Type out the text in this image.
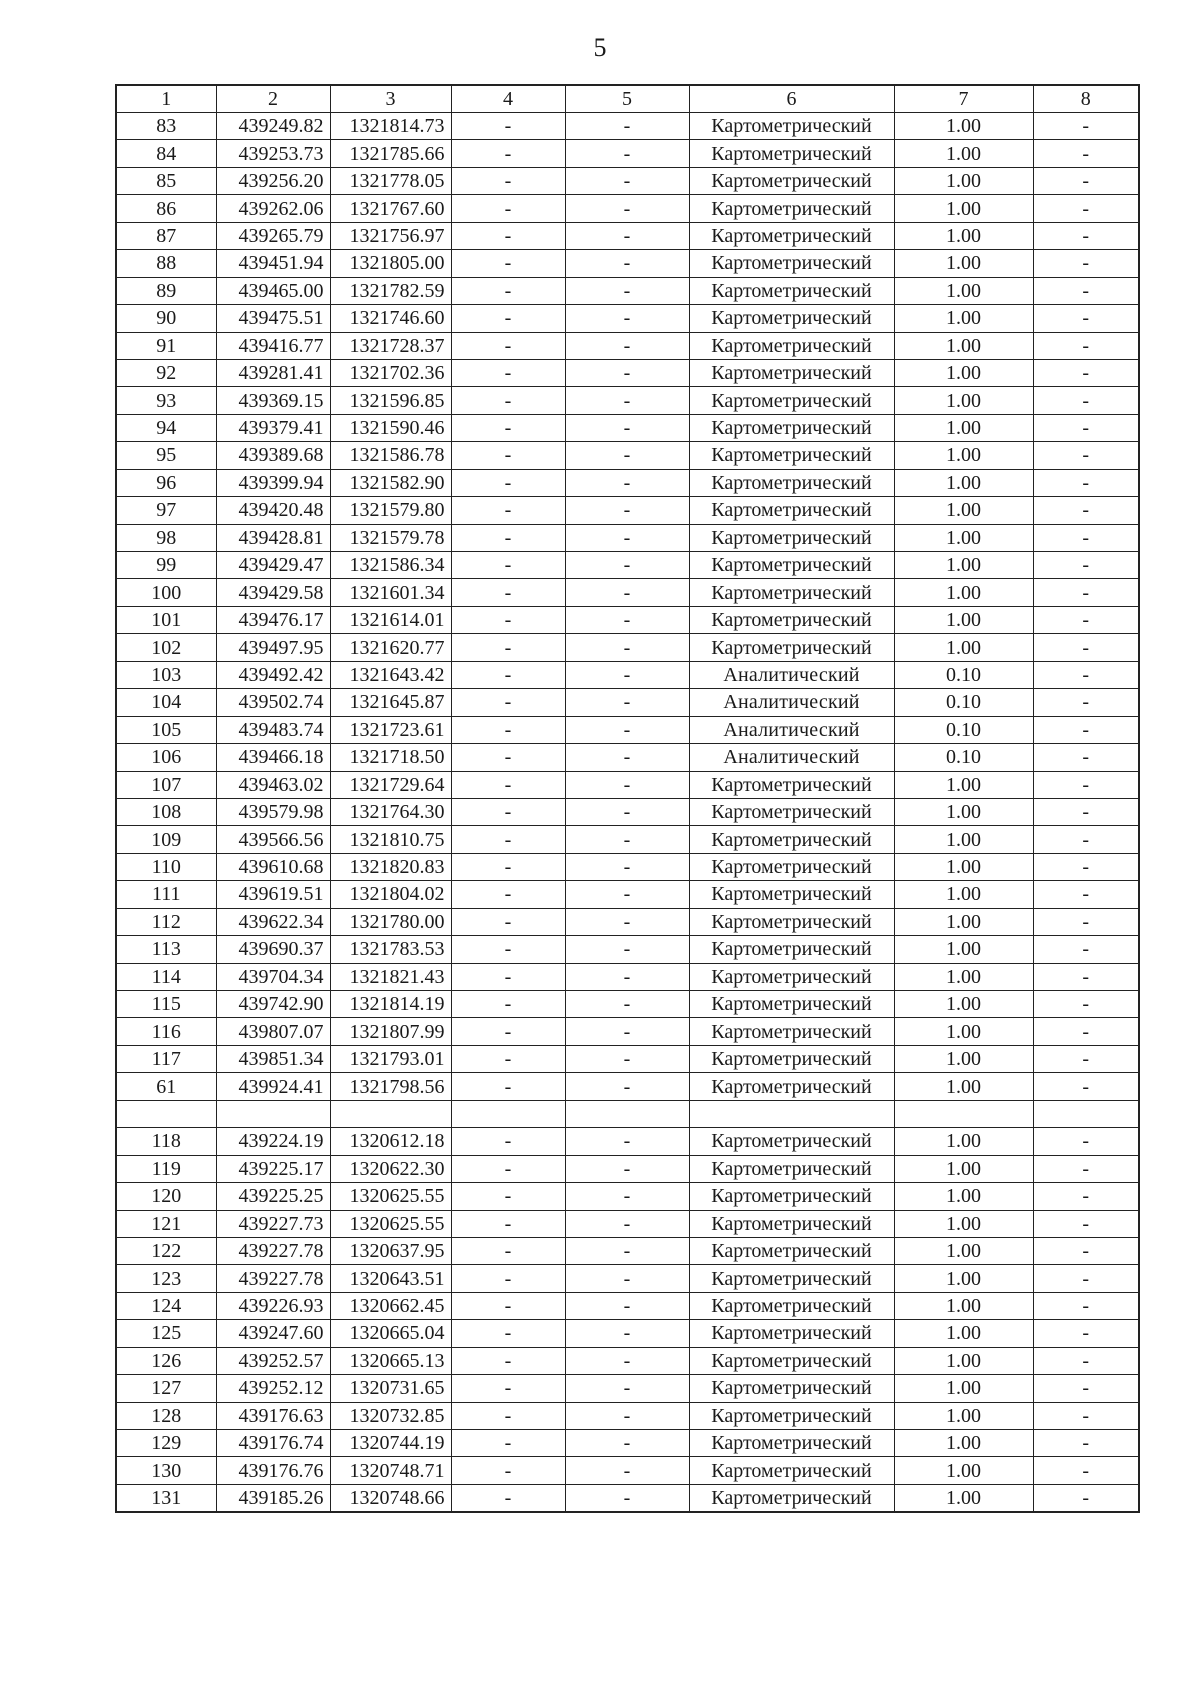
5
1	2	3	4	5	6	7	8
83	439249.82	1321814.73	-	-	Картометрический	1.00	-
84	439253.73	1321785.66	-	-	Картометрический	1.00	-
85	439256.20	1321778.05	-	-	Картометрический	1.00	-
86	439262.06	1321767.60	-	-	Картометрический	1.00	-
87	439265.79	1321756.97	-	-	Картометрический	1.00	-
88	439451.94	1321805.00	-	-	Картометрический	1.00	-
89	439465.00	1321782.59	-	-	Картометрический	1.00	-
90	439475.51	1321746.60	-	-	Картометрический	1.00	-
91	439416.77	1321728.37	-	-	Картометрический	1.00	-
92	439281.41	1321702.36	-	-	Картометрический	1.00	-
93	439369.15	1321596.85	-	-	Картометрический	1.00	-
94	439379.41	1321590.46	-	-	Картометрический	1.00	-
95	439389.68	1321586.78	-	-	Картометрический	1.00	-
96	439399.94	1321582.90	-	-	Картометрический	1.00	-
97	439420.48	1321579.80	-	-	Картометрический	1.00	-
98	439428.81	1321579.78	-	-	Картометрический	1.00	-
99	439429.47	1321586.34	-	-	Картометрический	1.00	-
100	439429.58	1321601.34	-	-	Картометрический	1.00	-
101	439476.17	1321614.01	-	-	Картометрический	1.00	-
102	439497.95	1321620.77	-	-	Картометрический	1.00	-
103	439492.42	1321643.42	-	-	Аналитический	0.10	-
104	439502.74	1321645.87	-	-	Аналитический	0.10	-
105	439483.74	1321723.61	-	-	Аналитический	0.10	-
106	439466.18	1321718.50	-	-	Аналитический	0.10	-
107	439463.02	1321729.64	-	-	Картометрический	1.00	-
108	439579.98	1321764.30	-	-	Картометрический	1.00	-
109	439566.56	1321810.75	-	-	Картометрический	1.00	-
110	439610.68	1321820.83	-	-	Картометрический	1.00	-
111	439619.51	1321804.02	-	-	Картометрический	1.00	-
112	439622.34	1321780.00	-	-	Картометрический	1.00	-
113	439690.37	1321783.53	-	-	Картометрический	1.00	-
114	439704.34	1321821.43	-	-	Картометрический	1.00	-
115	439742.90	1321814.19	-	-	Картометрический	1.00	-
116	439807.07	1321807.99	-	-	Картометрический	1.00	-
117	439851.34	1321793.01	-	-	Картометрический	1.00	-
61	439924.41	1321798.56	-	-	Картометрический	1.00	-

118	439224.19	1320612.18	-	-	Картометрический	1.00	-
119	439225.17	1320622.30	-	-	Картометрический	1.00	-
120	439225.25	1320625.55	-	-	Картометрический	1.00	-
121	439227.73	1320625.55	-	-	Картометрический	1.00	-
122	439227.78	1320637.95	-	-	Картометрический	1.00	-
123	439227.78	1320643.51	-	-	Картометрический	1.00	-
124	439226.93	1320662.45	-	-	Картометрический	1.00	-
125	439247.60	1320665.04	-	-	Картометрический	1.00	-
126	439252.57	1320665.13	-	-	Картометрический	1.00	-
127	439252.12	1320731.65	-	-	Картометрический	1.00	-
128	439176.63	1320732.85	-	-	Картометрический	1.00	-
129	439176.74	1320744.19	-	-	Картометрический	1.00	-
130	439176.76	1320748.71	-	-	Картометрический	1.00	-
131	439185.26	1320748.66	-	-	Картометрический	1.00	-
